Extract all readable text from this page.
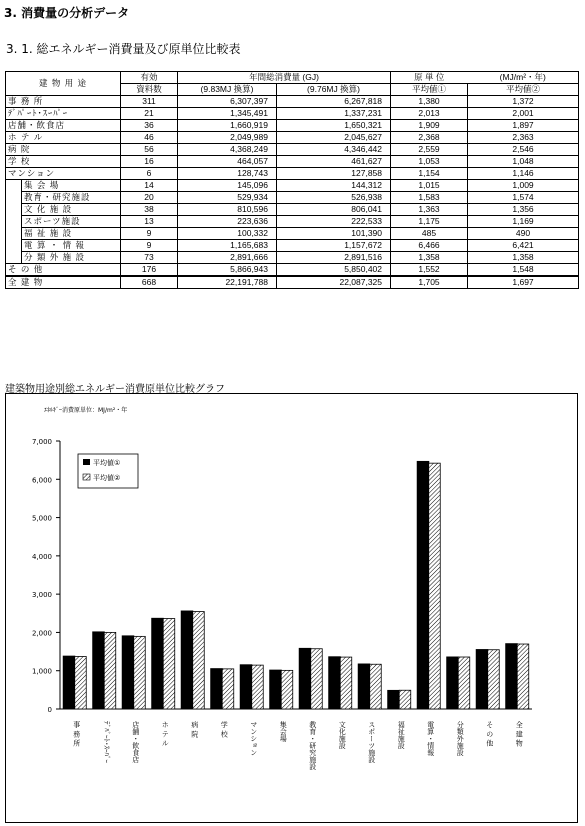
3. 消費量の分析データ
3. 1. 総エネルギー消費量及び原単位比較表
建 物 用 途		有効	年間総消費量 (GJ)		原 単 位	(MJ/m²・年)
		資料数	(9.83MJ 換算)	(9.76MJ 換算)	平均値①	平均値②
事 務 所		311	6,307,397	6,267,818	1,380	1,372
ﾃﾞﾊﾟｰﾄ･ｽｰﾊﾟｰ		21	1,345,491	1,337,231	2,013	2,001
店舗・飲食店		36	1,660,919	1,650,321	1,909	1,897
ホ テ ル		46	2,049,989	2,045,627	2,368	2,363
病 院		56	4,368,249	4,346,442	2,559	2,546
学 校		16	464,057	461,627	1,053	1,048
マンション		6	128,743	127,858	1,154	1,146
	集 会 場	14	145,096	144,312	1,015	1,009
	教育・研究施設	20	529,934	526,938	1,583	1,574
	文 化 施 設	38	810,596	806,041	1,363	1,356
	スポーツ施設	13	223,636	222,533	1,175	1,169
	福 祉 施 設	9	100,332	101,390	485	490
	電 算 ・ 情 報	9	1,165,683	1,157,672	6,466	6,421
	分 類 外 施 設	73	2,891,666	2,891,516	1,358	1,358
そ の 他		176	5,866,943	5,850,402	1,552	1,548
全 建 物		668	22,191,788	22,087,325	1,705	1,697
建築物用途別総エネルギー消費原単位比較グラフ
ｴﾈﾙｷﾞｰ消費原単位：MJ/m²・年
0
1,000
2,000
3,000
4,000
5,000
6,000
7,000
事 務 所	ﾃﾞﾊﾟｰﾄ･ｽｰﾊﾟｰ	店舗・飲食店	ホ テ ル	病 院	学 校	マンション	集会場	教育・研究施設	文化施設	スポーツ施設	福祉施設	電算・情報	分類外施設	そ の 他	全 建 物
平均値①
平均値②
